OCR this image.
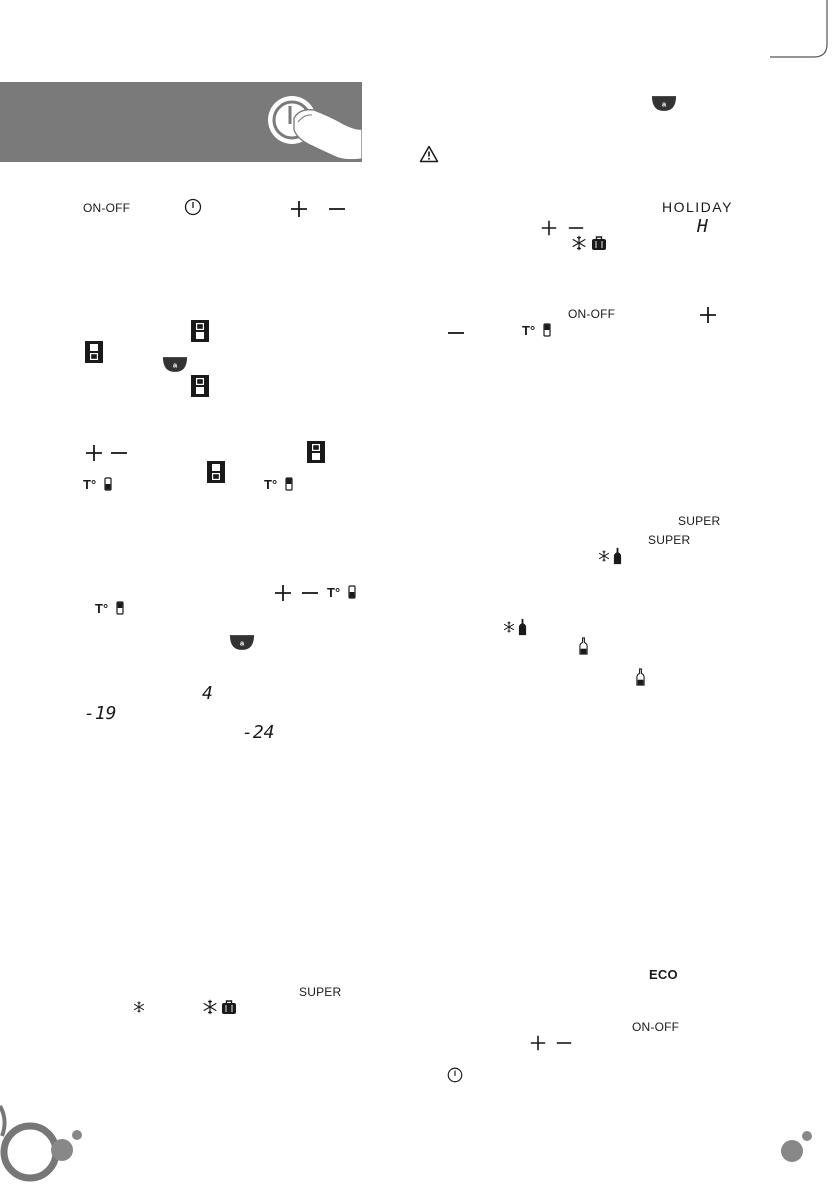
ON-OFF
4
-19
-24
SUPER
HOLIDAY
H
ON-OFF
SUPER
SUPER
ECO
ON-OFF
